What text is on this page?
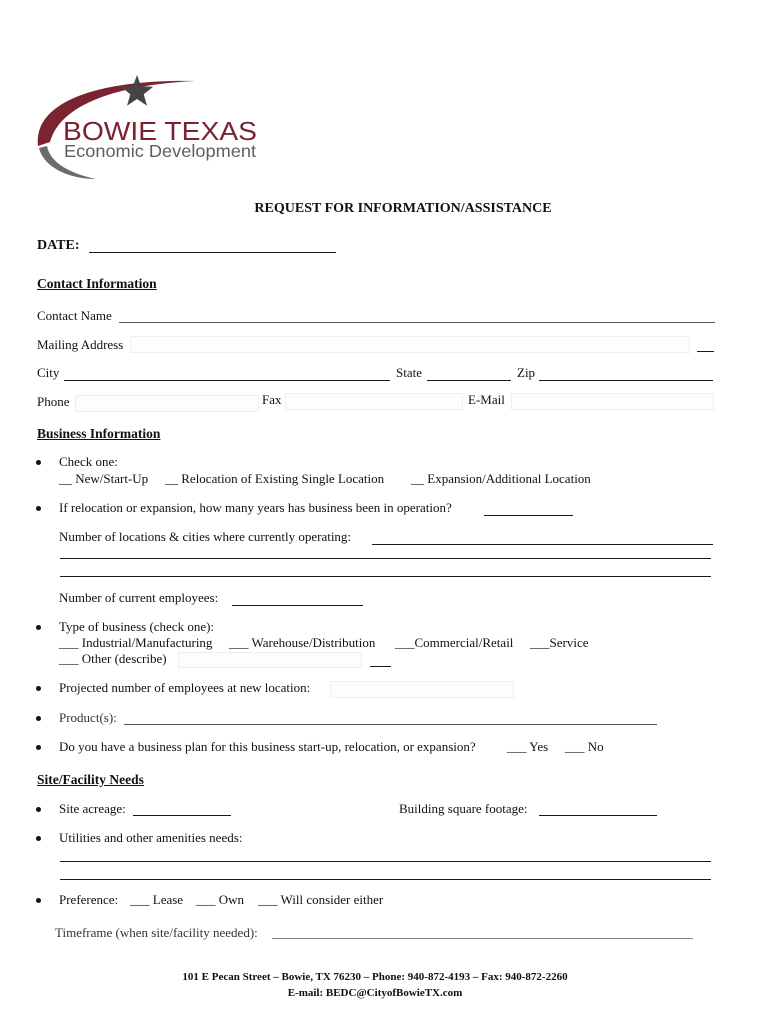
BOWIE TEXAS
Economic Development
REQUEST FOR INFORMATION/ASSISTANCE
DATE:
Contact Information
Contact Name
Mailing Address
City	State	Zip
Phone	Fax	E-Mail
Business Information
Check one:
__ New/Start-Up __ Relocation of Existing Single Location __ Expansion/Additional Location
If relocation or expansion, how many years has business been in operation?
Number of locations & cities where currently operating:
Number of current employees:
Type of business (check one):
___ Industrial/Manufacturing ___ Warehouse/Distribution ___Commercial/Retail ___Service
___ Other (describe)
Projected number of employees at new location:
Product(s):
Do you have a business plan for this business start-up, relocation, or expansion? ___ Yes ___ No
Site/Facility Needs
Site acreage:	Building square footage:
Utilities and other amenities needs:
Preference: ___ Lease ___ Own ___ Will consider either
Timeframe (when site/facility needed):
101 E Pecan Street – Bowie, TX 76230 – Phone: 940-872-4193 – Fax: 940-872-2260
E-mail: BEDC@CityofBowieTX.com
